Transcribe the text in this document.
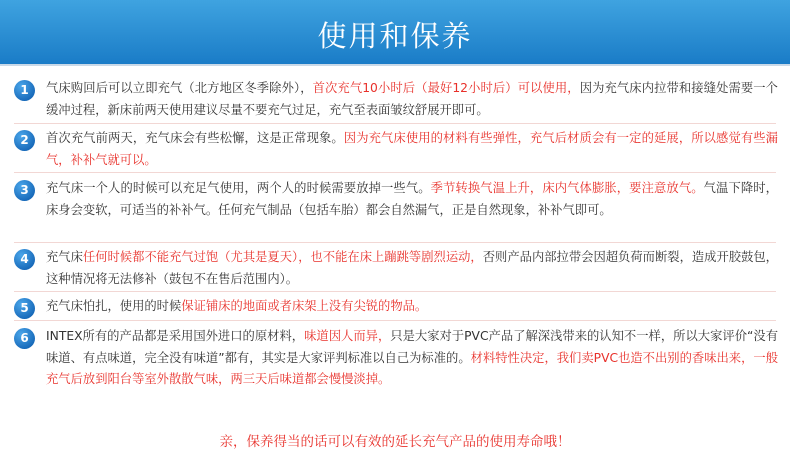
使用和保养
1	气床购回后可以立即充气（北方地区冬季除外），首次充气10小时后（最好12小时后）可以使用，因为充气床内拉带和接缝处需要一个缓冲过程，新床前两天使用建议尽量不要充气过足，充气至表面皱纹舒展开即可。
2	首次充气前两天，充气床会有些松懈，这是正常现象。因为充气床使用的材料有些弹性，充气后材质会有一定的延展，所以感觉有些漏气，补补气就可以。
3	充气床一个人的时候可以充足气使用，两个人的时候需要放掉一些气。季节转换气温上升，床内气体膨胀，要注意放气。气温下降时，床身会变软，可适当的补补气。任何充气制品（包括车胎）都会自然漏气，正是自然现象，补补气即可。
4	充气床任何时候都不能充气过饱（尤其是夏天），也不能在床上蹦跳等剧烈运动，否则产品内部拉带会因超负荷而断裂，造成开胶鼓包，这种情况将无法修补（鼓包不在售后范围内）。
5	充气床怕扎，使用的时候保证铺床的地面或者床架上没有尖锐的物品。
6	INTEX所有的产品都是采用国外进口的原材料，味道因人而异，只是大家对于PVC产品了解深浅带来的认知不一样，所以大家评价“没有味道、有点味道，完全没有味道”都有，其实是大家评判标准以自己为标准的。材料特性决定，我们卖PVC也造不出别的香味出来，一般充气后放到阳台等室外散散气味，两三天后味道都会慢慢淡掉。
亲，保养得当的话可以有效的延长充气产品的使用寿命哦！
